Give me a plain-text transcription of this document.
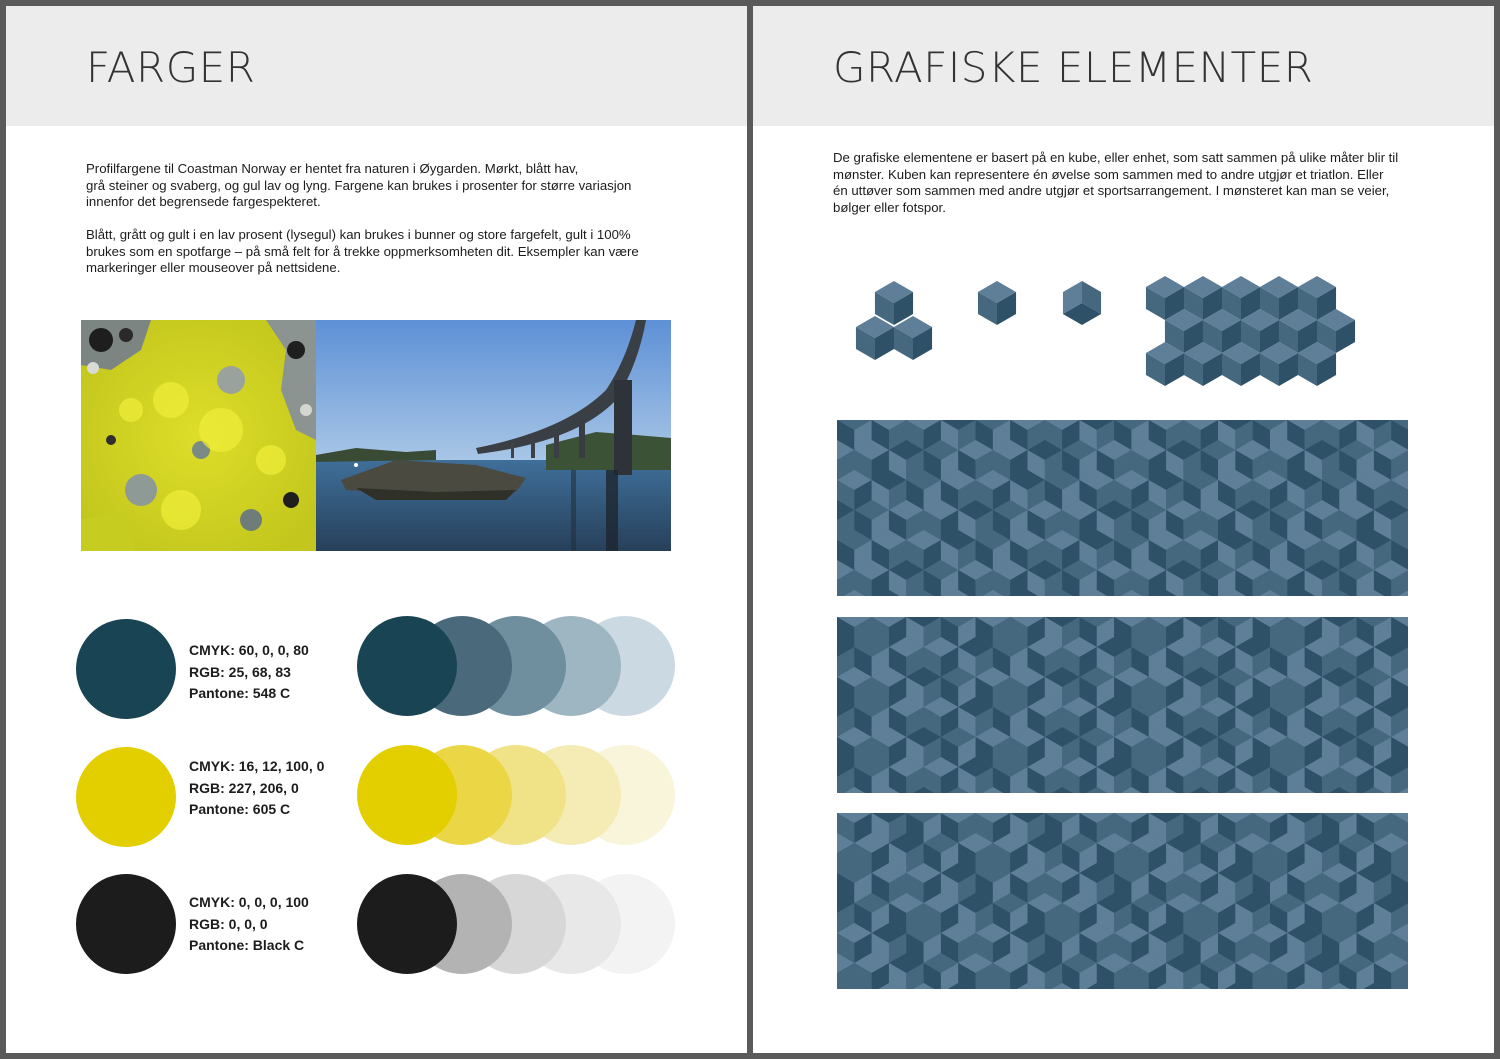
FARGER
Profilfargene til Coastman Norway er hentet fra naturen i Øygarden. Mørkt, blått hav,
grå steiner og svaberg, og gul lav og lyng. Fargene kan brukes i prosenter for større variasjon
innenfor det begrensede fargespekteret.
Blått, grått og gult i en lav prosent (lysegul) kan brukes i bunner og store fargefelt, gult i 100%
brukes som en spotfarge – på små felt for å trekke oppmerksomheten dit. Eksempler kan være
markeringer eller mouseover på nettsidene.
CMYK: 60, 0, 0, 80
RGB: 25, 68, 83
Pantone: 548 C
CMYK: 16, 12, 100, 0
RGB: 227, 206, 0
Pantone: 605 C
CMYK: 0, 0, 0, 100
RGB: 0, 0, 0
Pantone: Black C
GRAFISKE ELEMENTER
De grafiske elementene er basert på en kube, eller enhet, som satt sammen på ulike måter blir til
mønster. Kuben kan representere én øvelse som sammen med to andre utgjør et triatlon. Eller
én uttøver som sammen med andre utgjør et sportsarrangement. I mønsteret kan man se veier,
bølger eller fotspor.
